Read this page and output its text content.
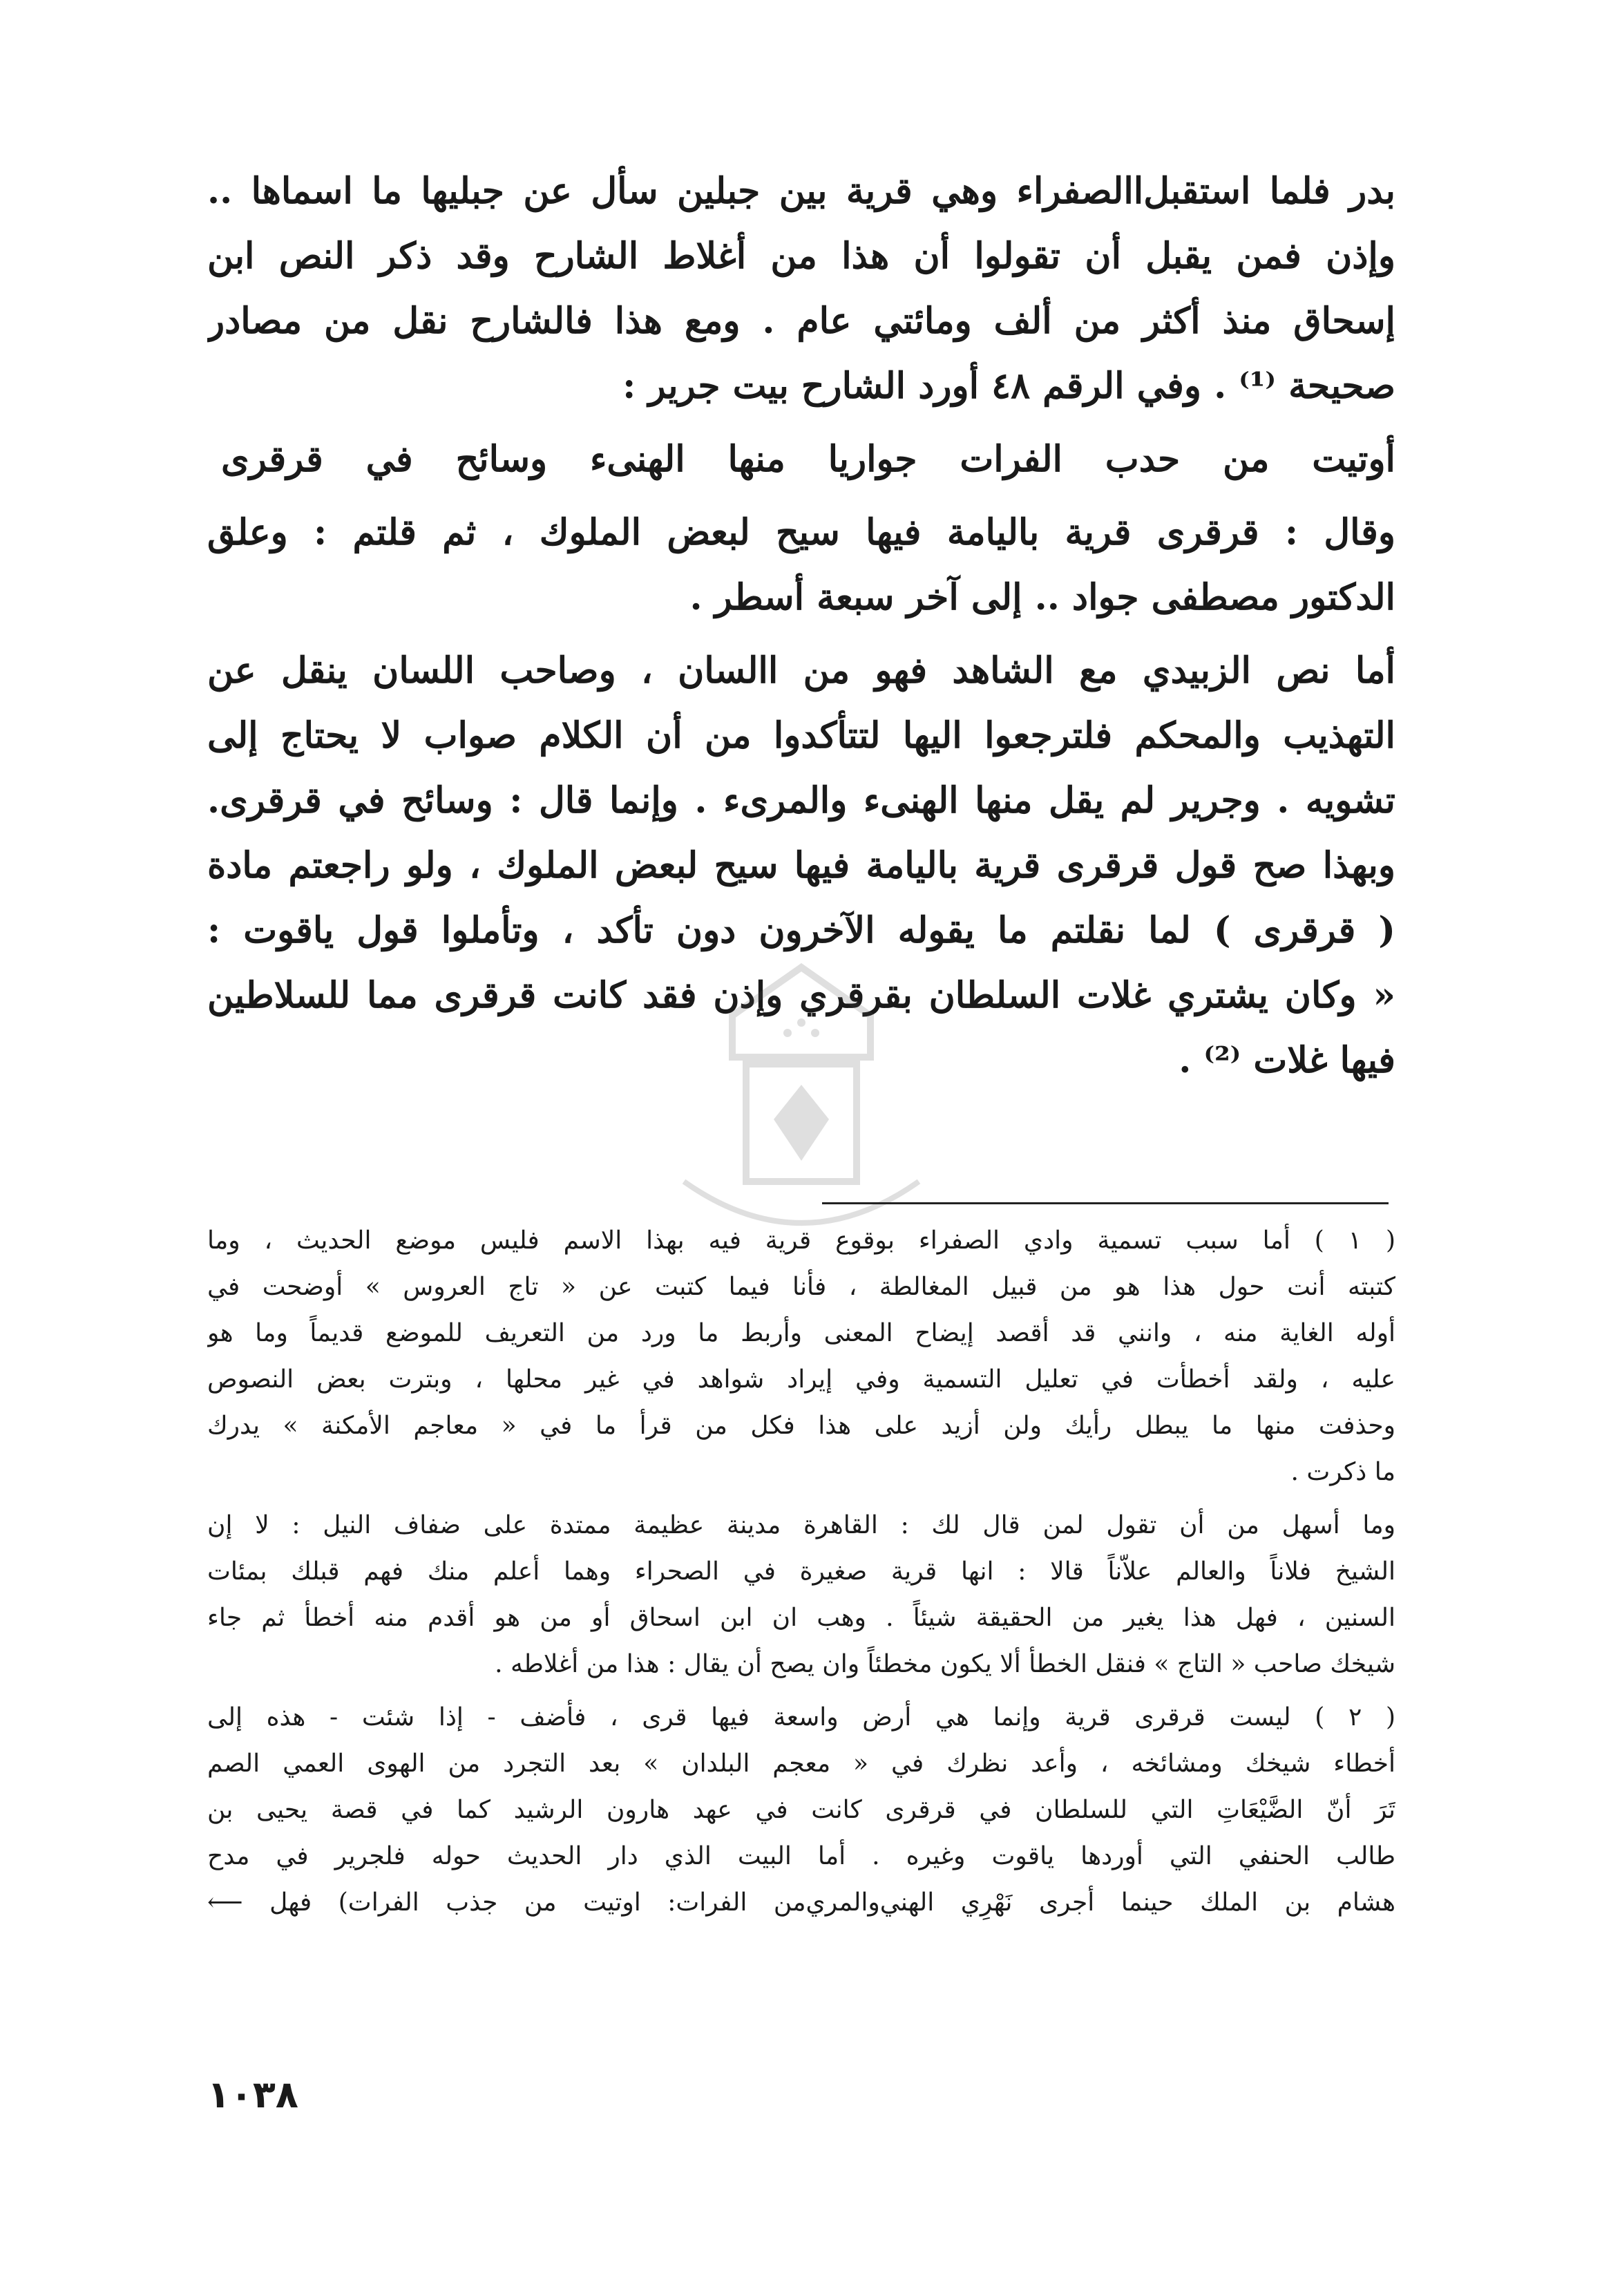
بدر فلما استقبل‌االصفراء وهي قرية بين جبلين سأل عن جبليها ما اسماها ..
وإذن فمن يقبل أن تقولوا أن هذا من أغلاط الشارح وقد ذكر النص ابن
إسحاق منذ أكثر من ألف ومائتي عام . ومع هذا فالشارح نقل من مصادر
صحيحة ⁽¹⁾ . وفي الرقم ٤٨ أورد الشارح بيت جرير :
أوتيت من حدب الفرات جواريا منها الهنىء وسائح في قرقرى
وقال : قرقرى قرية باليامة فيها سيح لبعض الملوك ، ثم قلتم : وعلق
الدكتور مصطفى جواد .. إلى آخر سبعة أسطر .
أما نص الزبيدي مع الشاهد فهو من االسان ، وصاحب اللسان ينقل عن
التهذيب والمحكم فلترجعوا اليها لتتأكدوا من أن الكلام صواب لا يحتاج إلى
تشويه . وجرير لم يقل منها الهنىء والمرىء . وإنما قال : وسائح في قرقرى.
وبهذا صح قول قرقرى قرية باليامة فيها سيح لبعض الملوك ، ولو راجعتم مادة
( قرقرى ) لما نقلتم ما يقوله الآخرون دون تأكد ، وتأملوا قول ياقوت :
« وكان يشتري غلات السلطان بقرقري وإذن فقد كانت قرقرى مما للسلاطين
فيها غلات ⁽²⁾ .
( ١ ) أما سبب تسمية وادي الصفراء بوقوع قرية فيه بهذا الاسم فليس موضع الحديث ، وما
كتبته أنت حول هذا هو من قبيل المغالطة ، فأنا فيما كتبت عن « تاج العروس » أوضحت في
أوله الغاية منه ، وانني قد أقصد إيضاح المعنى وأربط ما ورد من التعريف للموضع قديماً وما هو
عليه ، ولقد أخطأت في تعليل التسمية وفي إيراد شواهد في غير محلها ، وبترت بعض النصوص
وحذفت منها ما يبطل رأيك ولن أزيد على هذا فكل من قرأ ما في « معاجم الأمكنة » يدرك
ما ذكرت .
وما أسهل من أن تقول لمن قال لك : القاهرة مدينة عظيمة ممتدة على ضفاف النيل : لا إن
الشيخ فلاناً والعالم علاّناً قالا : انها قرية صغيرة في الصحراء وهما أعلم منك فهم قبلك بمئات
السنين ، فهل هذا يغير من الحقيقة شيئاً . وهب ان ابن اسحاق أو من هو أقدم منه أخطأ ثم جاء
شيخك صاحب « التاج » فنقل الخطأ ألا يكون مخطئاً وان يصح أن يقال : هذا من أغلاطه .
( ٢ ) ليست قرقرى قرية وإنما هي أرض واسعة فيها قرى ، فأضف - إذا شئت - هذه إلى
أخطاء شيخك ومشائخه ، وأعد نظرك في « معجم البلدان » بعد التجرد من الهوى العمي الصم
تَرَ أنّ الضَّيْعَاتِ التي للسلطان في قرقرى كانت في عهد هارون الرشيد كما في قصة يحيى بن
طالب الحنفي التي أوردها ياقوت وغيره . أما البيت الذي دار الحديث حوله فلجرير في مدح
هشام بن الملك حينما أجرى نَهْرِي الهني‌والمري‌من الفرات: اوتيت من جذب الفرات) فهل ⟵
١٠٣٨
